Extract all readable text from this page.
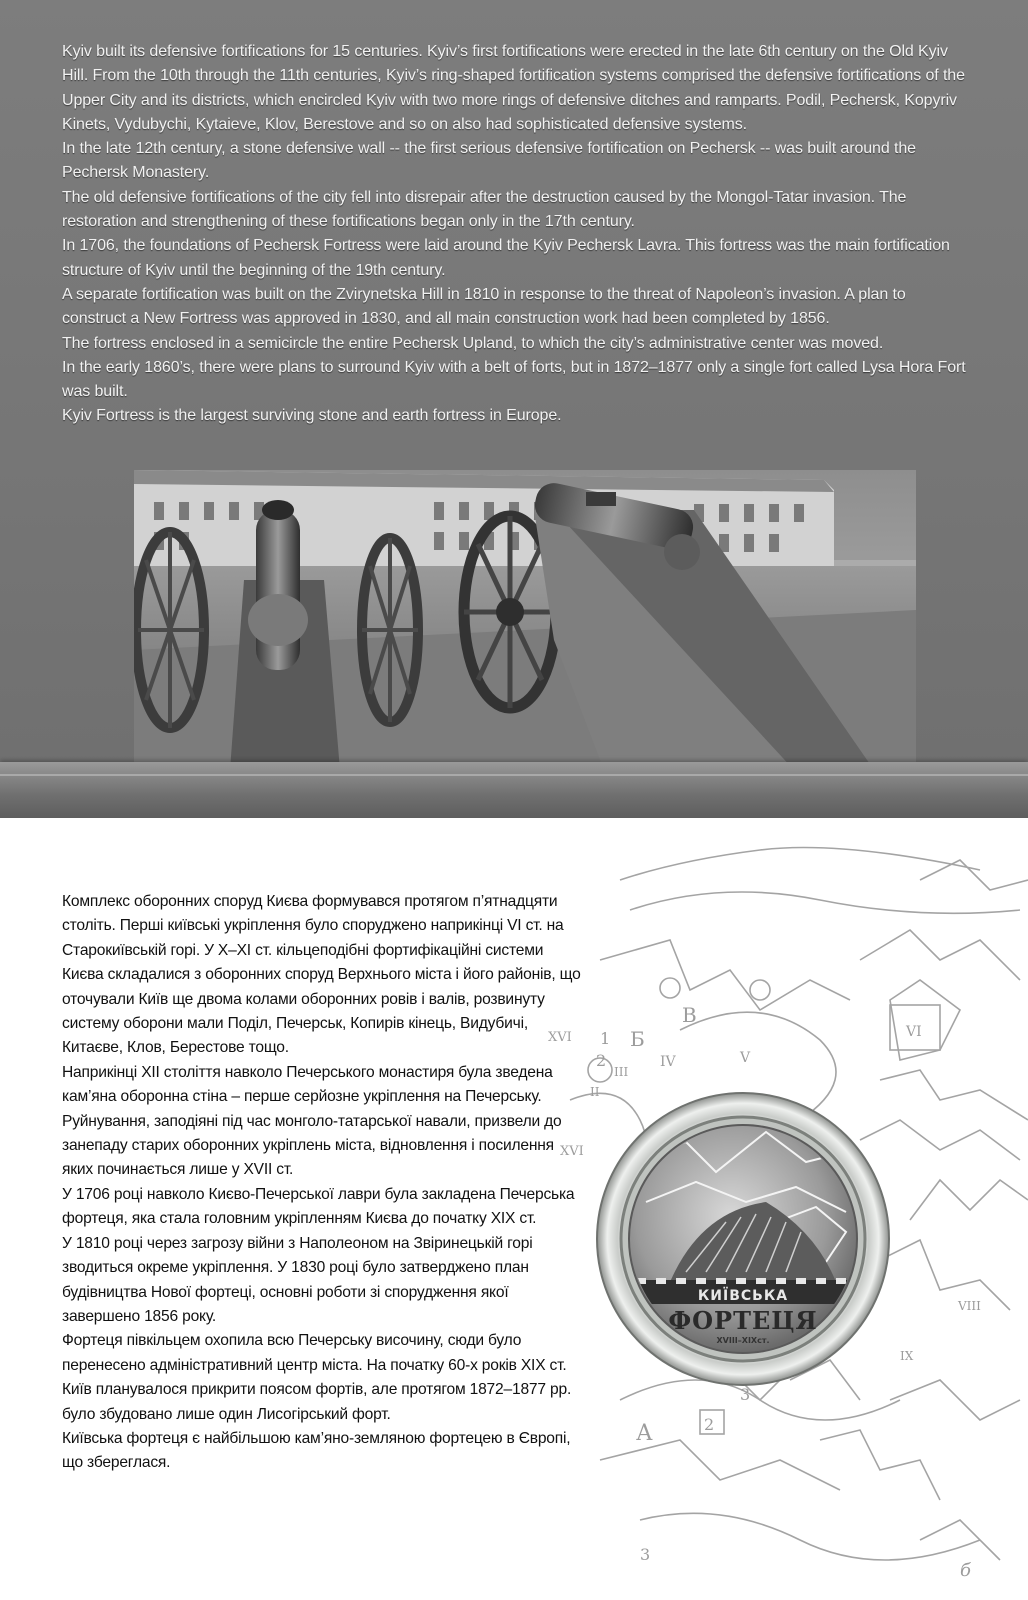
Kyiv built its defensive fortifications for 15 centuries. Kyiv’s first fortifications were erected in the late 6th century on the Old Kyiv Hill. From the 10th through the 11th centuries, Kyiv’s ring-shaped fortification systems comprised the defensive fortifications of the Upper City and its districts, which encircled Kyiv with two more rings of defensive ditches and ramparts. Podil, Pechersk, Kopyriv Kinets, Vydubychi, Kytaieve, Klov, Berestove and so on also had sophisticated defensive systems.

In the late 12th century, a stone defensive wall -- the first serious defensive fortification on Pechersk -- was built around the Pechersk Monastery.

The old defensive fortifications of the city fell into disrepair after the destruction caused by the Mongol-Tatar invasion. The restoration and strengthening of these fortifications began only in the 17th century.

In 1706, the foundations of Pechersk Fortress were laid around the Kyiv Pechersk Lavra. This fortress was the main fortification structure of Kyiv until the beginning of the 19th century.

A separate fortification was built on the Zvirynetska Hill in 1810 in response to the threat of Napoleon’s invasion. A plan to construct a New Fortress was approved in 1830, and all main construction work had been completed by 1856.

The fortress enclosed in a semicircle the entire Pechersk Upland, to which the city’s administrative center was moved.

In the early 1860’s, there were plans to surround Kyiv with a belt of forts, but in 1872–1877 only a single fort called Lysa Hora Fort was built.

Kyiv Fortress is the largest surviving stone and earth fortress in Europe.

В
Б
IV	V
VI
VIII
IX
III
II
1
2
3
3
2
А
б
XVI
XVI

Комплекс оборонних споруд Києва формувався протягом п’ятнадцяти століть. Перші київські укріплення було споруджено наприкінці VI ст. на Старокиївській горі. У X–XI ст. кільцеподібні фортифікаційні системи Києва складалися з оборонних споруд Верхнього міста і його районів, що оточували Київ ще двома колами оборонних ровів і валів, розвинуту систему оборони мали Поділ, Печерськ, Копирів кінець, Видубичі, Китаєве, Клов, Берестове тощо.

Наприкінці XII століття навколо Печерського монастиря була зведена кам’яна оборонна стіна – перше серйозне укріплення на Печерську.

Руйнування, заподіяні під час монголо-татарської навали, призвели до занепаду старих оборонних укріплень міста, відновлення і посилення яких починається лише у XVII ст.

У 1706 році навколо Києво-Печерської лаври була закладена Печерська фортеця, яка стала головним укріпленням Києва до початку XIX ст.

У 1810 році через загрозу війни з Наполеоном на Звіринецькій горі зводиться окреме укріплення. У 1830 році було затверджено план будівництва Нової фортеці, основні роботи зі спорудження якої завершено 1856 року.

Фортеця півкільцем охопила всю Печерську височину, сюди було перенесено адміністративний центр міста. На початку 60-х років XIX ст. Київ планувалося прикрити поясом фортів, але протягом 1872–1877 рр. було збудовано лише один Лисогірський форт.

Київська фортеця є найбільшою кам’яно-земляною фортецею в Європі, що збереглася.

КИЇВСЬКА
ФОРТЕЦЯ
XVIII–XIXст.
